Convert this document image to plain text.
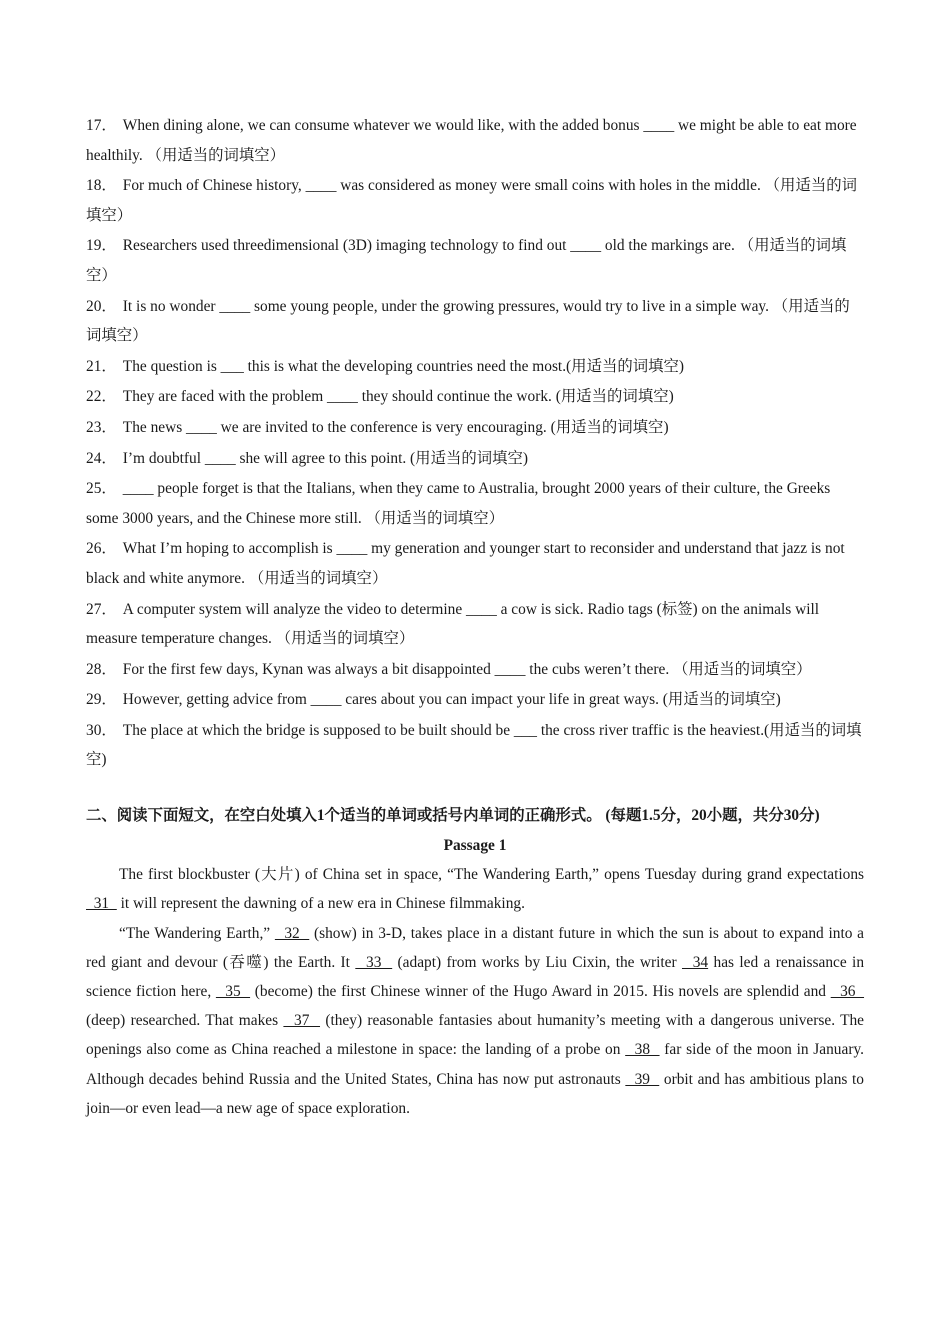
17． When dining alone, we can consume whatever we would like, with the added bonus ____ we might be able to eat more healthily. （用适当的词填空）

18． For much of Chinese history, ____ was considered as money were small coins with holes in the middle. （用适当的词填空）

19． Researchers used threedimensional (3D) imaging technology to find out ____ old the markings are. （用适当的词填空）

20． It is no wonder ____ some young people, under the growing pressures, would try to live in a simple way. （用适当的词填空）

21． The question is ___ this is what the developing countries need the most.(用适当的词填空)

22． They are faced with the problem ____ they should continue the work. (用适当的词填空)

23． The news ____ we are invited to the conference is very encouraging. (用适当的词填空)

24． I’m doubtful ____ she will agree to this point. (用适当的词填空)

25． ____ people forget is that the Italians, when they came to Australia, brought 2000 years of their culture, the Greeks some 3000 years, and the Chinese more still. （用适当的词填空）

26． What I’m hoping to accomplish is ____ my generation and younger start to reconsider and understand that jazz is not black and white anymore. （用适当的词填空）

27． A computer system will analyze the video to determine ____ a cow is sick. Radio tags (标签) on the animals will measure temperature changes. （用适当的词填空）

28． For the first few days, Kynan was always a bit disappointed ____ the cubs weren’t there. （用适当的词填空）

29． However, getting advice from ____ cares about you can impact your life in great ways. (用适当的词填空)

30． The place at which the bridge is supposed to be built should be ___ the cross river traffic is the heaviest.(用适当的词填空)

二、阅读下面短文，在空白处填入1个适当的单词或括号内单词的正确形式。 (每题1.5分，20小题，共分30分)

Passage 1

The first blockbuster (大片) of China set in space, “The Wandering Earth,” opens Tuesday during grand expectations   31   it will represent the dawning of a new era in Chinese filmmaking.

“The Wandering Earth,”   32   (show) in 3-D, takes place in a distant future in which the sun is about to expand into a red giant and devour (吞噬) the Earth. It   33   (adapt) from works by Liu Cixin, the writer   34 has led a renaissance in science fiction here,   35   (become) the first Chinese winner of the Hugo Award in 2015. His novels are splendid and   36   (deep) researched. That makes   37   (they) reasonable fantasies about humanity’s meeting with a dangerous universe. The openings also come as China reached a milestone in space: the landing of a probe on   38   far side of the moon in January. Although decades behind Russia and the United States, China has now put astronauts   39   orbit and has ambitious plans to join—or even lead—a new age of space exploration.
